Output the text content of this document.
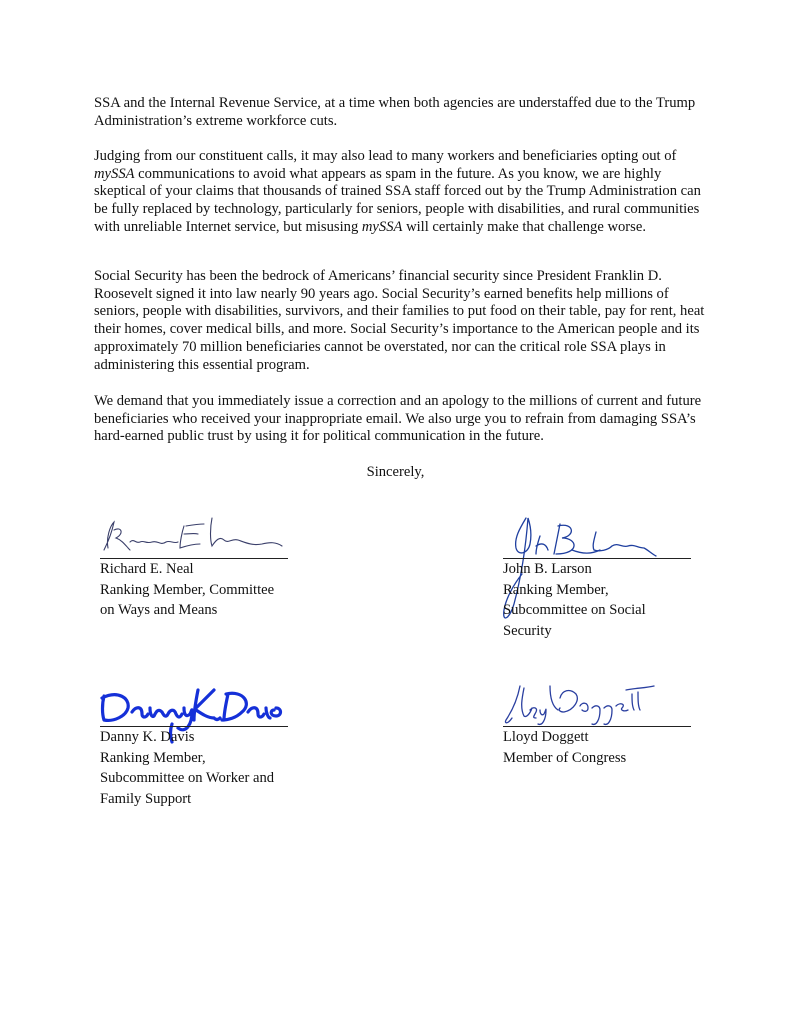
SSA and the Internal Revenue Service, at a time when both agencies are understaffed due to the Trump Administration’s extreme workforce cuts.

Judging from our constituent calls, it may also lead to many workers and beneficiaries opting out of mySSA communications to avoid what appears as spam in the future. As you know, we are highly skeptical of your claims that thousands of trained SSA staff forced out by the Trump Administration can be fully replaced by technology, particularly for seniors, people with disabilities, and rural communities with unreliable Internet service, but misusing mySSA will certainly make that challenge worse.

Social Security has been the bedrock of Americans’ financial security since President Franklin D. Roosevelt signed it into law nearly 90 years ago. Social Security’s earned benefits help millions of seniors, people with disabilities, survivors, and their families to put food on their table, pay for rent, heat their homes, cover medical bills, and more. Social Security’s importance to the American people and its approximately 70 million beneficiaries cannot be overstated, nor can the critical role SSA plays in administering this essential program.

We demand that you immediately issue a correction and an apology to the millions of current and future beneficiaries who received your inappropriate email. We also urge you to refrain from damaging SSA’s hard-earned public trust by using it for political communication in the future.

Sincerely,
Richard E. Neal
Ranking Member, Committee
on Ways and Means
John B. Larson
Ranking Member,
Subcommittee on Social
Security
Danny K. Davis
Ranking Member,
Subcommittee on Worker and
Family Support
Lloyd Doggett
Member of Congress
